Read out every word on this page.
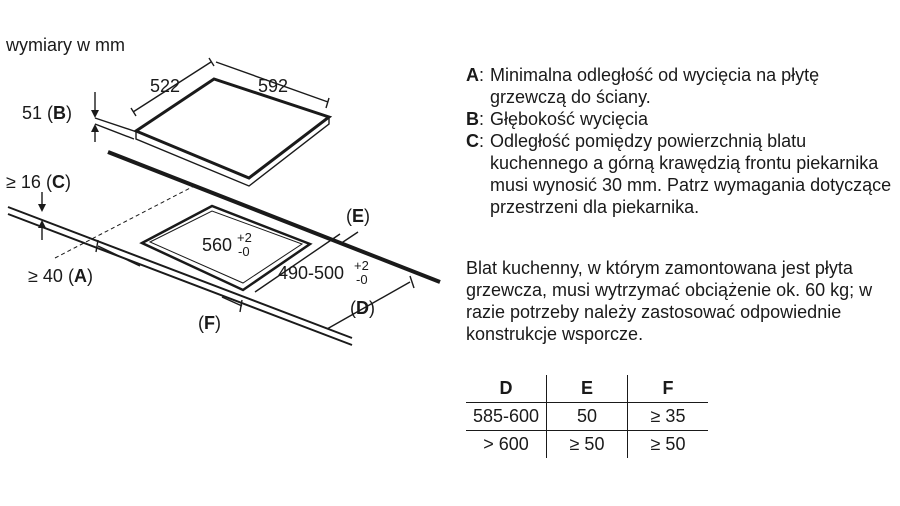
wymiary w mm
522	592
51 (B)
≥ 16 (C)
≥ 40 (A)
(E)
(D)
(F)
560 +2
-0
490-500 +2
-0
A: Minimalna odległość od wycięcia na płytę grzewczą do ściany.
B: Głębokość wycięcia
C: Odległość pomiędzy powierzchnią blatu kuchennego a górną krawędzią frontu piekarnika musi wynosić 30 mm. Patrz wymagania dotyczące przestrzeni dla piekarnika.
Blat kuchenny, w którym zamontowana jest płyta grzewcza, musi wytrzymać obciążenie ok. 60 kg; w razie potrzeby należy zastosować odpowiednie konstrukcje wsporcze.
D	E	F
585-600	50	≥ 35
> 600	≥ 50	≥ 50
